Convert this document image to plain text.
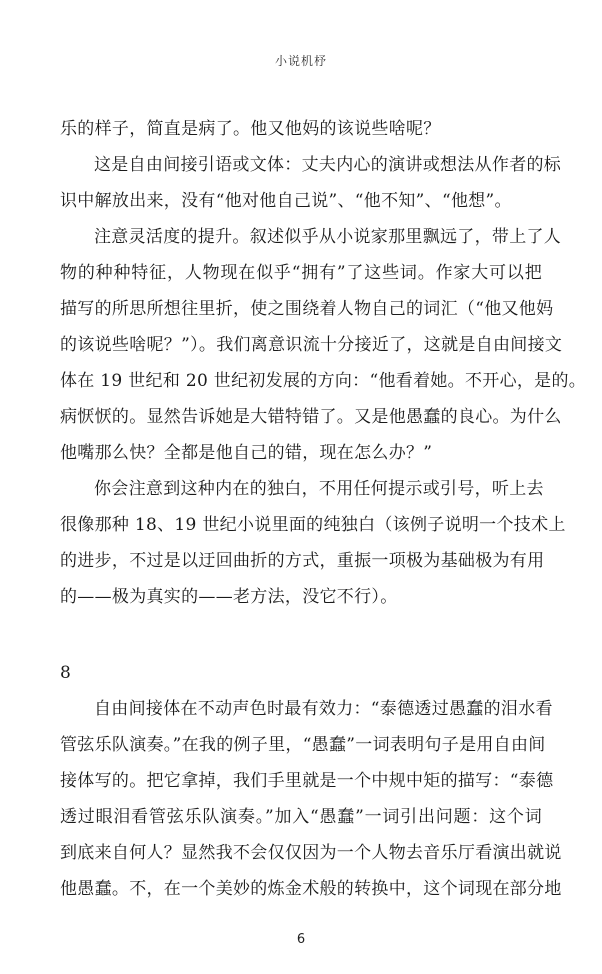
小说机杼
乐的样子，简直是病了。他又他妈的该说些啥呢？
这是自由间接引语或文体：丈夫内心的演讲或想法从作者的标
识中解放出来，没有“他对他自己说”、“他不知”、“他想”。
注意灵活度的提升。叙述似乎从小说家那里飘远了，带上了人
物的种种特征，人物现在似乎“拥有”了这些词。作家大可以把
描写的所思所想往里折，使之围绕着人物自己的词汇（“他又他妈
的该说些啥呢？”）。我们离意识流十分接近了，这就是自由间接文
体在 19 世纪和 20 世纪初发展的方向：“他看着她。不开心，是的。
病恹恹的。显然告诉她是大错特错了。又是他愚蠢的良心。为什么
他嘴那么快？全都是他自己的错，现在怎么办？”
你会注意到这种内在的独白，不用任何提示或引号，听上去
很像那种 18、19 世纪小说里面的纯独白（该例子说明一个技术上
的进步，不过是以迂回曲折的方式，重振一项极为基础极为有用
的——极为真实的——老方法，没它不行）。
8
自由间接体在不动声色时最有效力：“泰德透过愚蠢的泪水看
管弦乐队演奏。”在我的例子里，“愚蠢”一词表明句子是用自由间
接体写的。把它拿掉，我们手里就是一个中规中矩的描写：“泰德
透过眼泪看管弦乐队演奏。”加入“愚蠢”一词引出问题：这个词
到底来自何人？显然我不会仅仅因为一个人物去音乐厅看演出就说
他愚蠢。不，在一个美妙的炼金术般的转换中，这个词现在部分地
6
